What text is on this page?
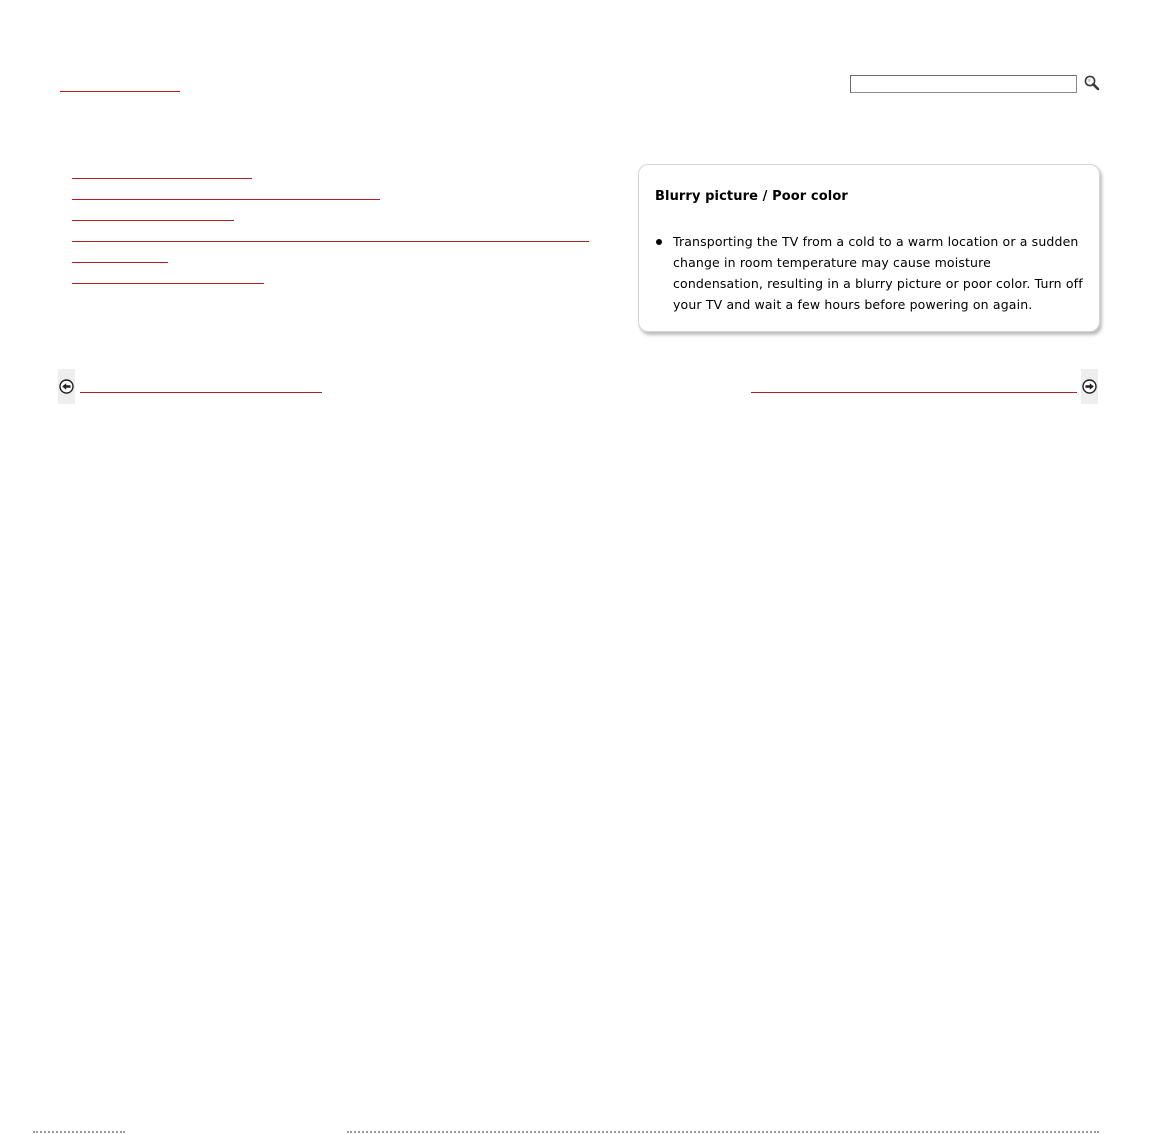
Blurry picture / Poor color
Transporting the TV from a cold to a warm location or a sudden change in room temperature may cause moisture condensation, resulting in a blurry picture or poor color. Turn off your TV and wait a few hours before powering on again.
